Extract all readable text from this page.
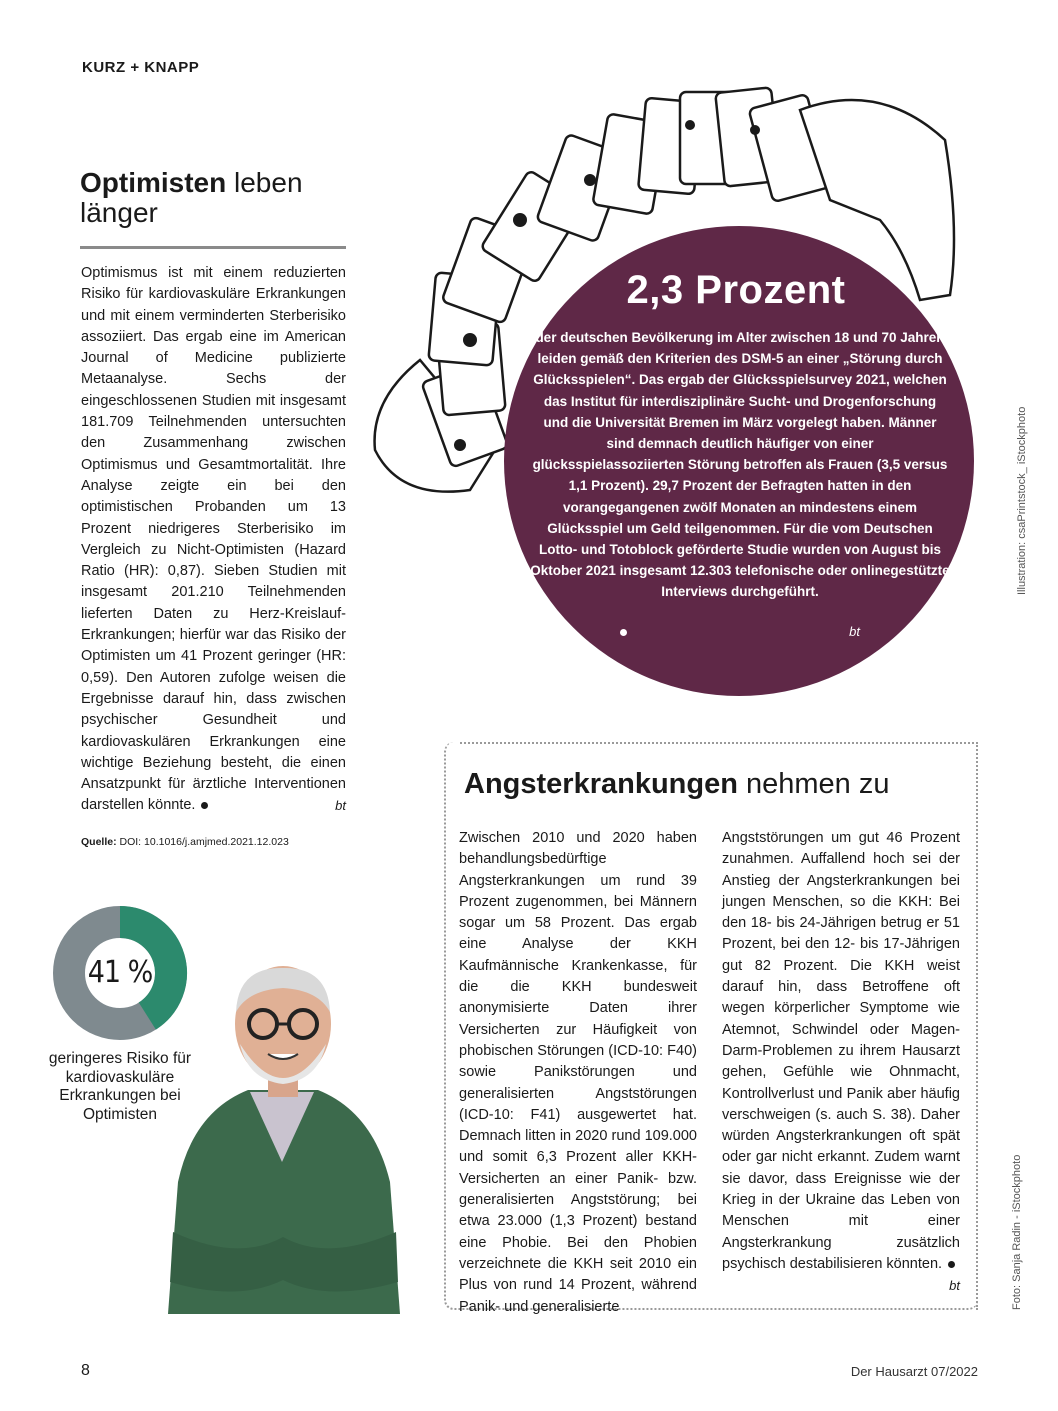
KURZ + KNAPP
Optimisten leben länger
Optimismus ist mit einem reduzierten Risiko für kardiovaskuläre Erkrankungen und mit einem verminderten Sterberisiko assoziiert. Das ergab eine im American Journal of Medicine publizierte Metaanalyse. Sechs der eingeschlossenen Studien mit insgesamt 181.709 Teilnehmenden untersuchten den Zusammenhang zwischen Optimismus und Gesamtmortalität. Ihre Analyse zeigte ein bei den optimistischen Probanden um 13 Prozent niedrigeres Sterberisiko im Vergleich zu Nicht-Optimisten (Hazard Ratio (HR): 0,87). Sieben Studien mit insgesamt 201.210 Teilnehmenden lieferten Daten zu Herz-Kreislauf-Erkrankungen; hierfür war das Risiko der Optimisten um 41 Prozent geringer (HR: 0,59). Den Autoren zufolge weisen die Ergebnisse darauf hin, dass zwischen psychischer Gesundheit und kardiovaskulären Erkrankungen eine wichtige Beziehung besteht, die einen Ansatzpunkt für ärztliche Interventionen darstellen könnte.	bt
Quelle: DOI: 10.1016/j.amjmed.2021.12.023
41 %
geringeres Risiko für kardiovaskuläre Erkrankungen bei Optimisten
2,3 Prozent
der deutschen Bevölkerung im Alter zwischen 18 und 70 Jahren leiden gemäß den Kriterien des DSM-5 an einer „Störung durch Glücksspielen“. Das ergab der Glücksspielsurvey 2021, welchen das Institut für interdisziplinäre Sucht- und Drogenforschung und die Universität Bremen im März vorgelegt haben. Männer sind demnach deutlich häufiger von einer glücksspielassoziierten Störung betroffen als Frauen (3,5 versus 1,1 Prozent). 29,7 Prozent der Befragten hatten in den vorangegangenen zwölf Monaten an mindestens einem Glücksspiel um Geld teilgenommen. Für die vom Deutschen Lotto- und Totoblock geförderte Studie wurden von August bis Oktober 2021 insgesamt 12.303 telefonische oder onlinegestützte Interviews durchgeführt.
bt
Illustration: csaPrintstock_ iStockphoto
Angsterkrankungen nehmen zu
Zwischen 2010 und 2020 haben behandlungsbedürftige Angsterkrankungen um rund 39 Prozent zugenommen, bei Männern sogar um 58 Prozent. Das ergab eine Analyse der KKH Kaufmännische Krankenkasse, für die die KKH bundesweit anonymisierte Daten ihrer Versicherten zur Häufigkeit von phobischen Störungen (ICD-10: F40) sowie Panikstörungen und generalisierten Angststörungen (ICD-10: F41) ausgewertet hat. Demnach litten in 2020 rund 109.000 und somit 6,3 Prozent aller KKH-Versicherten an einer Panik- bzw. generalisierten Angststörung; bei etwa 23.000 (1,3 Prozent) bestand eine Phobie. Bei den Phobien verzeichnete die KKH seit 2010 ein Plus von rund 14 Prozent, während Panik- und generalisierte
Angststörungen um gut 46 Prozent zunahmen. Auffallend hoch sei der Anstieg der Angsterkrankungen bei jungen Menschen, so die KKH: Bei den 18- bis 24-Jährigen betrug er 51 Prozent, bei den 12- bis 17-Jährigen gut 82 Prozent. Die KKH weist darauf hin, dass Betroffene oft wegen körperlicher Symptome wie Atemnot, Schwindel oder Magen-Darm-Problemen zu ihrem Hausarzt gehen, Gefühle wie Ohnmacht, Kontrollverlust und Panik aber häufig verschweigen (s. auch S. 38). Daher würden Angsterkrankungen oft spät oder gar nicht erkannt. Zudem warnt sie davor, dass Ereignisse wie der Krieg in der Ukraine das Leben von Menschen mit einer Angsterkrankung zusätzlich psychisch destabilisieren könnten.
bt	Foto: Sanja Radin - iStockphoto
8	Der Hausarzt 07/2022
